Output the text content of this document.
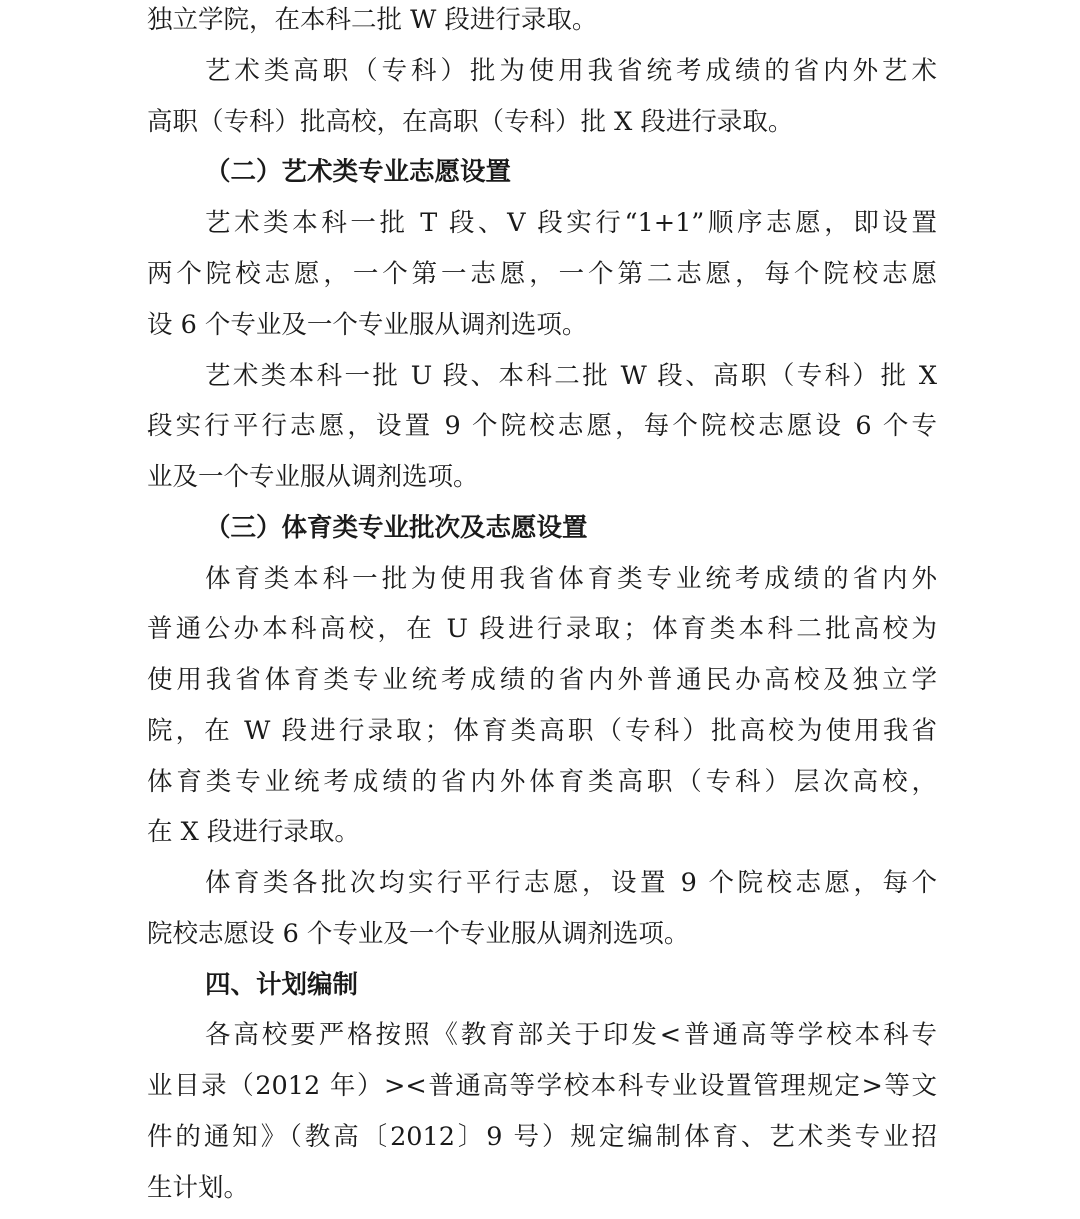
独立学院，在本科二批 W 段进行录取。
艺术类高职（专科）批为使用我省统考成绩的省内外艺术
高职（专科）批高校，在高职（专科）批 X 段进行录取。
（二）艺术类专业志愿设置
艺术类本科一批 T 段、V 段实行“1+1”顺序志愿，即设置
两个院校志愿，一个第一志愿，一个第二志愿，每个院校志愿
设 6 个专业及一个专业服从调剂选项。
艺术类本科一批 U 段、本科二批 W 段、高职（专科）批 X
段实行平行志愿，设置 9 个院校志愿，每个院校志愿设 6 个专
业及一个专业服从调剂选项。
（三）体育类专业批次及志愿设置
体育类本科一批为使用我省体育类专业统考成绩的省内外
普通公办本科高校，在 U 段进行录取；体育类本科二批高校为
使用我省体育类专业统考成绩的省内外普通民办高校及独立学
院，在 W 段进行录取；体育类高职（专科）批高校为使用我省
体育类专业统考成绩的省内外体育类高职（专科）层次高校，
在 X 段进行录取。
体育类各批次均实行平行志愿，设置 9 个院校志愿，每个
院校志愿设 6 个专业及一个专业服从调剂选项。
四、计划编制
各高校要严格按照《教育部关于印发<普通高等学校本科专
业目录（2012 年）><普通高等学校本科专业设置管理规定>等文
件的通知》（教高〔2012〕9 号）规定编制体育、艺术类专业招
生计划。
